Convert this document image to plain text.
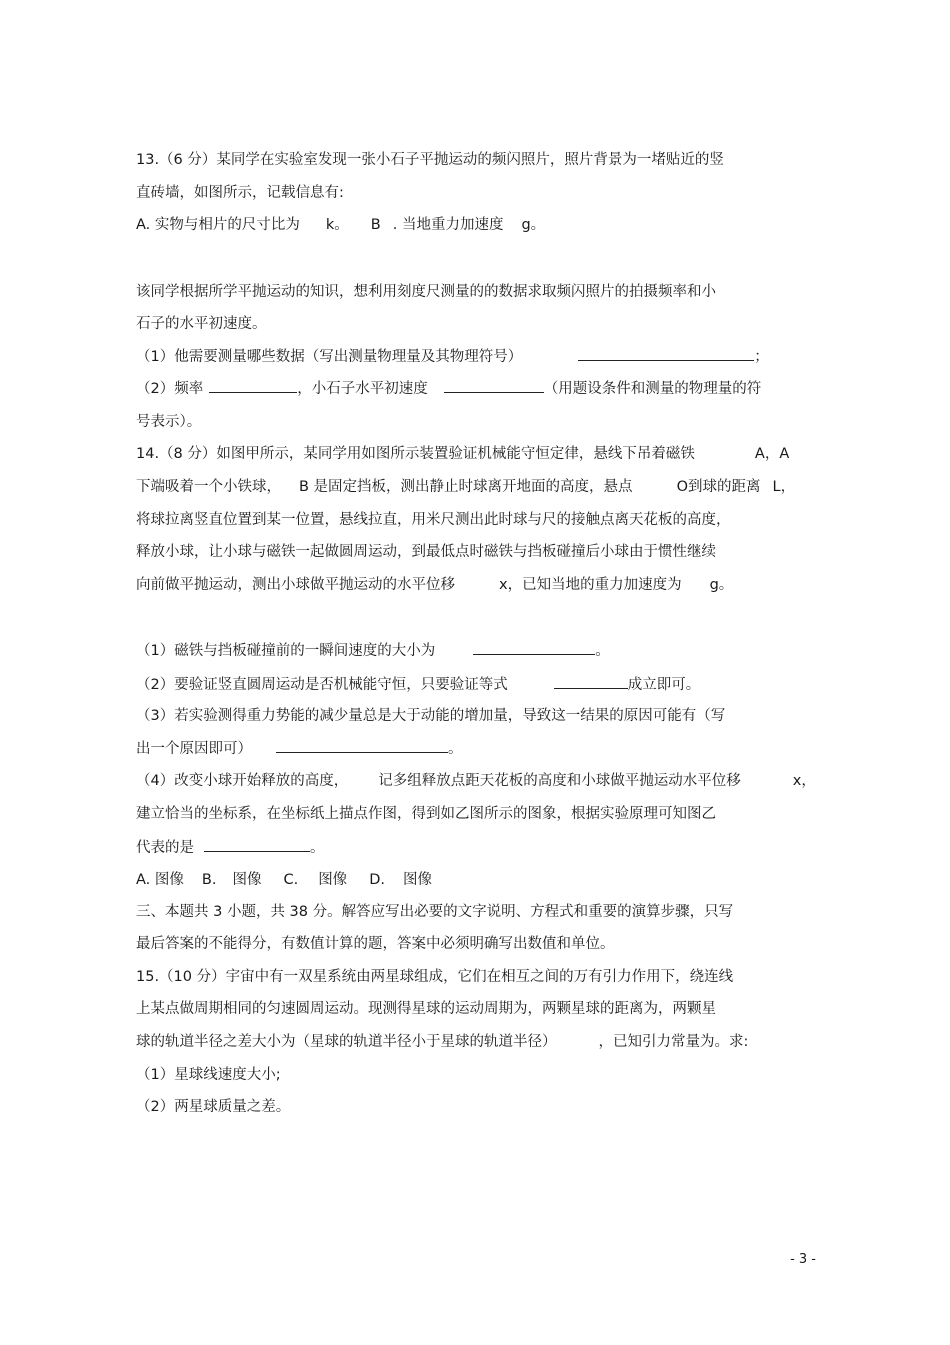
13.（6 分）某同学在实验室发现一张小石子平抛运动的频闪照片，照片背景为一堵贴近的竖
直砖墙，如图所示，记载信息有:
A. 实物与相片的尺寸比为 k。 B . 当地重力加速度 g。
该同学根据所学平抛运动的知识，想利用刻度尺测量的的数据求取频闪照片的拍摄频率和小
石子的水平初速度。
（1）他需要测量哪些数据（写出测量物理量及其物理符号）	；
（2）频率	，小石子水平初速度	（用题设条件和测量的物理量的符
号表示）。
14.（8 分）如图甲所示，某同学用如图所示装置验证机械能守恒定律，悬线下吊着磁铁	A，A
下端吸着一个小铁球， B 是固定挡板，测出静止时球离开地面的高度，悬点	O到球的距离 L，
将球拉离竖直位置到某一位置，悬线拉直，用米尺测出此时球与尺的接触点离天花板的高度，
释放小球，让小球与磁铁一起做圆周运动，到最低点时磁铁与挡板碰撞后小球由于惯性继续
向前做平抛运动，测出小球做平抛运动的水平位移	x，已知当地的重力加速度为 g。
（1）磁铁与挡板碰撞前的一瞬间速度的大小为	。
（2）要验证竖直圆周运动是否机械能守恒，只要验证等式	成立即可。
（3）若实验测得重力势能的减少量总是大于动能的增加量，导致这一结果的原因可能有（写
出一个原因即可）	。
（4）改变小球开始释放的高度， 记多组释放点距天花板的高度和小球做平抛运动水平位移	x，
建立恰当的坐标系，在坐标纸上描点作图，得到如乙图所示的图象，根据实验原理可知图乙
代表的是	。
A. 图像 B. 图像 C. 图像 D. 图像
三、本题共 3 小题，共 38 分。解答应写出必要的文字说明、方程式和重要的演算步骤，只写
最后答案的不能得分，有数值计算的题，答案中必须明确写出数值和单位。
15.（10 分）宇宙中有一双星系统由两星球组成，它们在相互之间的万有引力作用下，绕连线
上某点做周期相同的匀速圆周运动。现测得星球的运动周期为，两颗星球的距离为，两颗星
球的轨道半径之差大小为（星球的轨道半径小于星球的轨道半径）	，已知引力常量为。求:
（1）星球线速度大小;
（2）两星球质量之差。
- 3 -
